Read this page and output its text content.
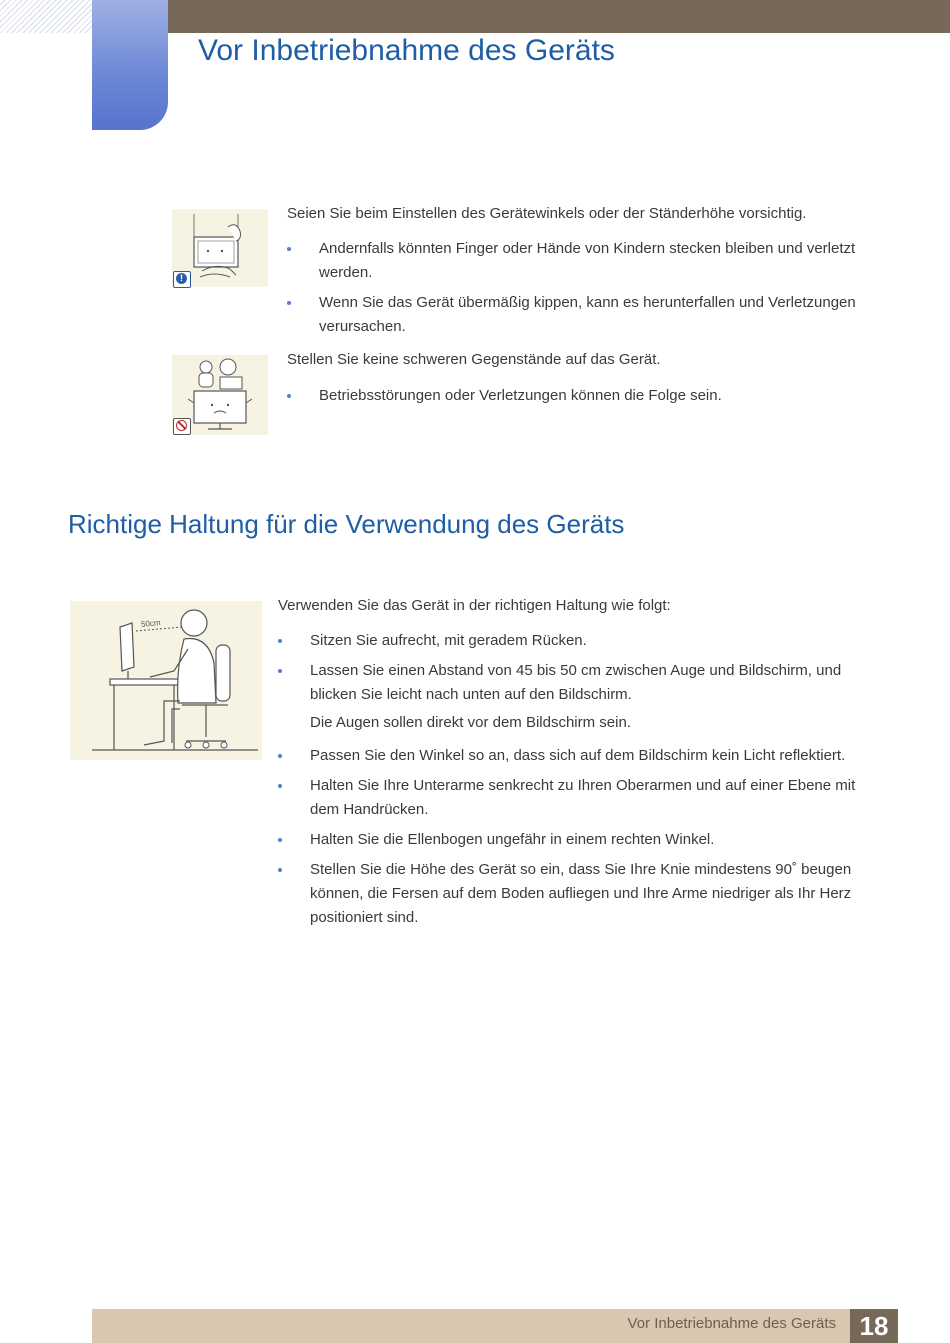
Vor Inbetriebnahme des Geräts
!
Seien Sie beim Einstellen des Gerätewinkels oder der Ständerhöhe vorsichtig.
Andernfalls könnten Finger oder Hände von Kindern stecken bleiben und verletzt werden.
Wenn Sie das Gerät übermäßig kippen, kann es herunterfallen und Verletzungen verursachen.
Stellen Sie keine schweren Gegenstände auf das Gerät.
Betriebsstörungen oder Verletzungen können die Folge sein.
Richtige Haltung für die Verwendung des Geräts
50cm
Verwenden Sie das Gerät in der richtigen Haltung wie folgt:
Sitzen Sie aufrecht, mit geradem Rücken.
Lassen Sie einen Abstand von 45 bis 50 cm zwischen Auge und Bildschirm, und blicken Sie leicht nach unten auf den Bildschirm.
Die Augen sollen direkt vor dem Bildschirm sein.
Passen Sie den Winkel so an, dass sich auf dem Bildschirm kein Licht reflektiert.
Halten Sie Ihre Unterarme senkrecht zu Ihren Oberarmen und auf einer Ebene mit dem Handrücken.
Halten Sie die Ellenbogen ungefähr in einem rechten Winkel.
Stellen Sie die Höhe des Gerät so ein, dass Sie Ihre Knie mindestens 90˚ beugen können, die Fersen auf dem Boden aufliegen und Ihre Arme niedriger als Ihr Herz positioniert sind.
Vor Inbetriebnahme des Geräts 18
